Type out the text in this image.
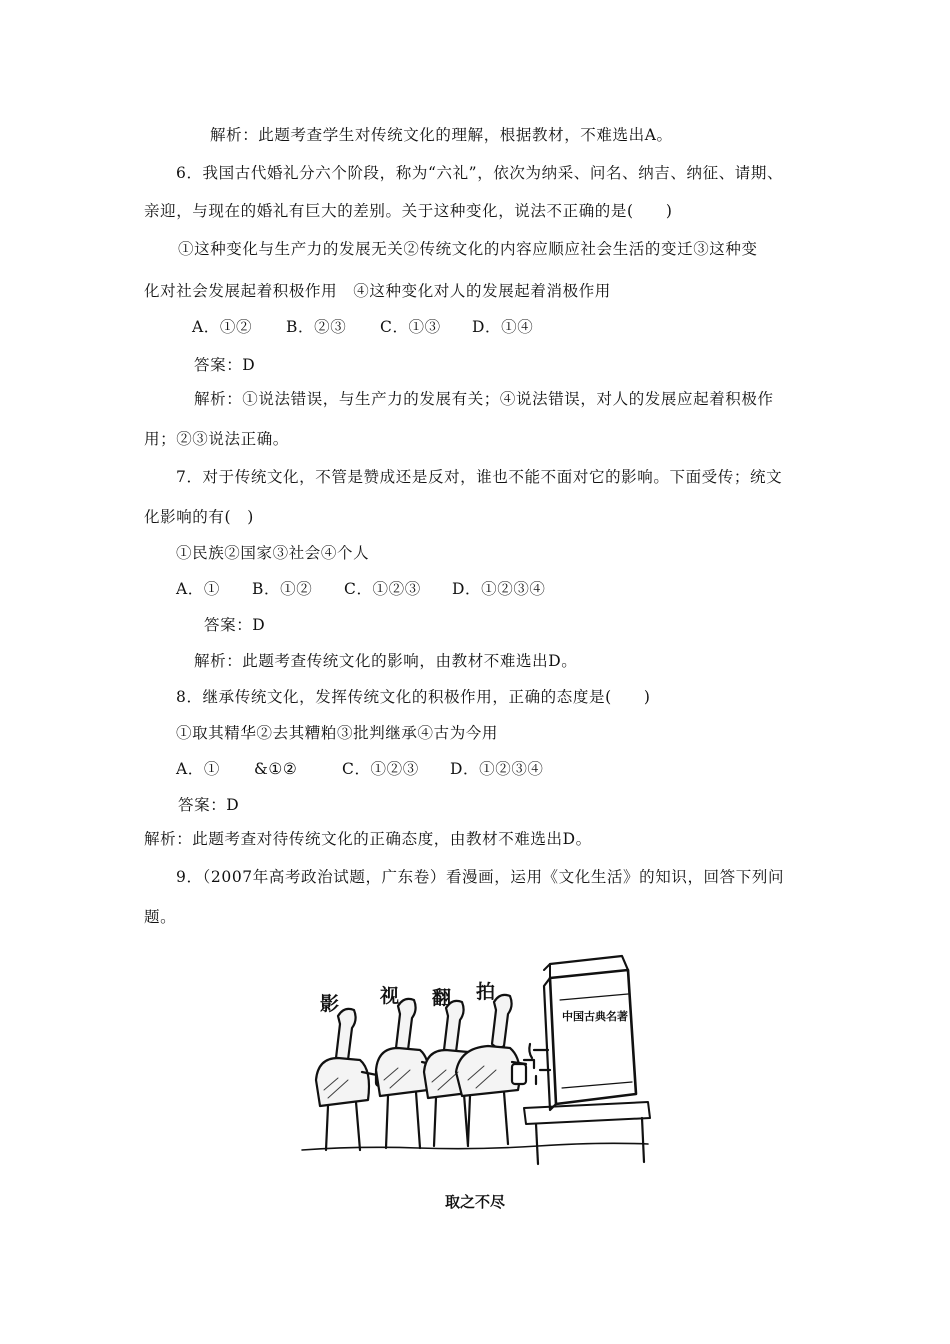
解析：此题考查学生对传统文化的理解，根据教材，不难选出A。
6．我国古代婚礼分六个阶段，称为“六礼”，依次为纳采、问名、纳吉、纳征、请期、
亲迎，与现在的婚礼有巨大的差别。关于这种变化，说法不正确的是(　　)
①这种变化与生产力的发展无关②传统文化的内容应顺应社会生活的变迁③这种变
化对社会发展起着积极作用　④这种变化对人的发展起着消极作用
A．①② B．②③ C．①③ D．①④
答案：D
解析：①说法错误，与生产力的发展有关；④说法错误，对人的发展应起着积极作
用；②③说法正确。
7．对于传统文化，不管是赞成还是反对，谁也不能不面对它的影响。下面受传；统文
化影响的有(　)
①民族②国家③社会④个人
A．① B．①② C．①②③ D．①②③④
答案：D
解析：此题考查传统文化的影响，由教材不难选出D。
8．继承传统文化，发挥传统文化的积极作用，正确的态度是(　　)
①取其精华②去其糟粕③批判继承④古为今用
A．① &①②	C．①②③ D．①②③④
答案：D
解析：此题考查对待传统文化的正确态度，由教材不难选出D。
9．（2007年高考政治试题，广东卷）看漫画，运用《文化生活》的知识，回答下列问
题。
影 视 翻 拍
中国古典名著
取之不尽
